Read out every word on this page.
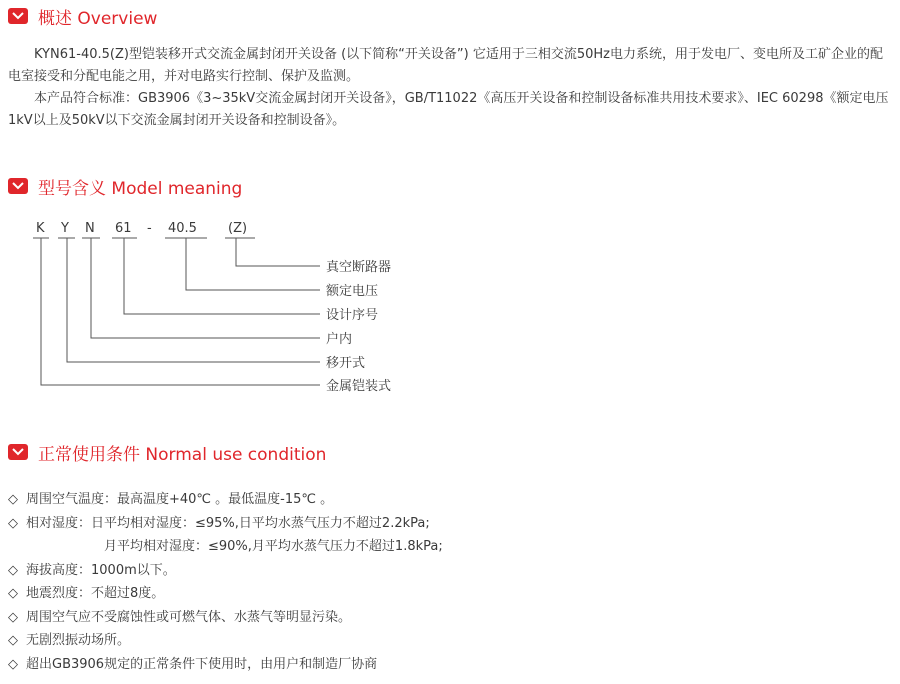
概述 Overview

KYN61-40.5(Z)型铠装移开式交流金属封闭开关设备 (以下简称“开关设备”) 它适用于三相交流50Hz电力系统，用于发电厂、变电所及工矿企业的配电室接受和分配电能之用，并对电路实行控制、保护及监测。

本产品符合标准：GB3906《3~35kV交流金属封闭开关设备》，GB/T11022《高压开关设备和控制设备标准共用技术要求》、IEC 60298《额定电压1kV以上及50kV以下交流金属封闭开关设备和控制设备》。

型号含义 Model meaning
K Y N 61 - 40.5 (Z)
真空断路器
额定电压
设计序号
户内
移开式
金属铠装式
正常使用条件 Normal use condition
◇ 周围空气温度：最高温度+40℃ 。最低温度-15℃ 。
◇ 相对湿度：日平均相对湿度：≤95%,日平均水蒸气压力不超过2.2kPa;
月平均相对湿度：≤90%,月平均水蒸气压力不超过1.8kPa;
◇ 海拔高度：1000m以下。
◇ 地震烈度：不超过8度。
◇ 周围空气应不受腐蚀性或可燃气体、水蒸气等明显污染。
◇ 无剧烈振动场所。
◇ 超出GB3906规定的正常条件下使用时，由用户和制造厂协商
